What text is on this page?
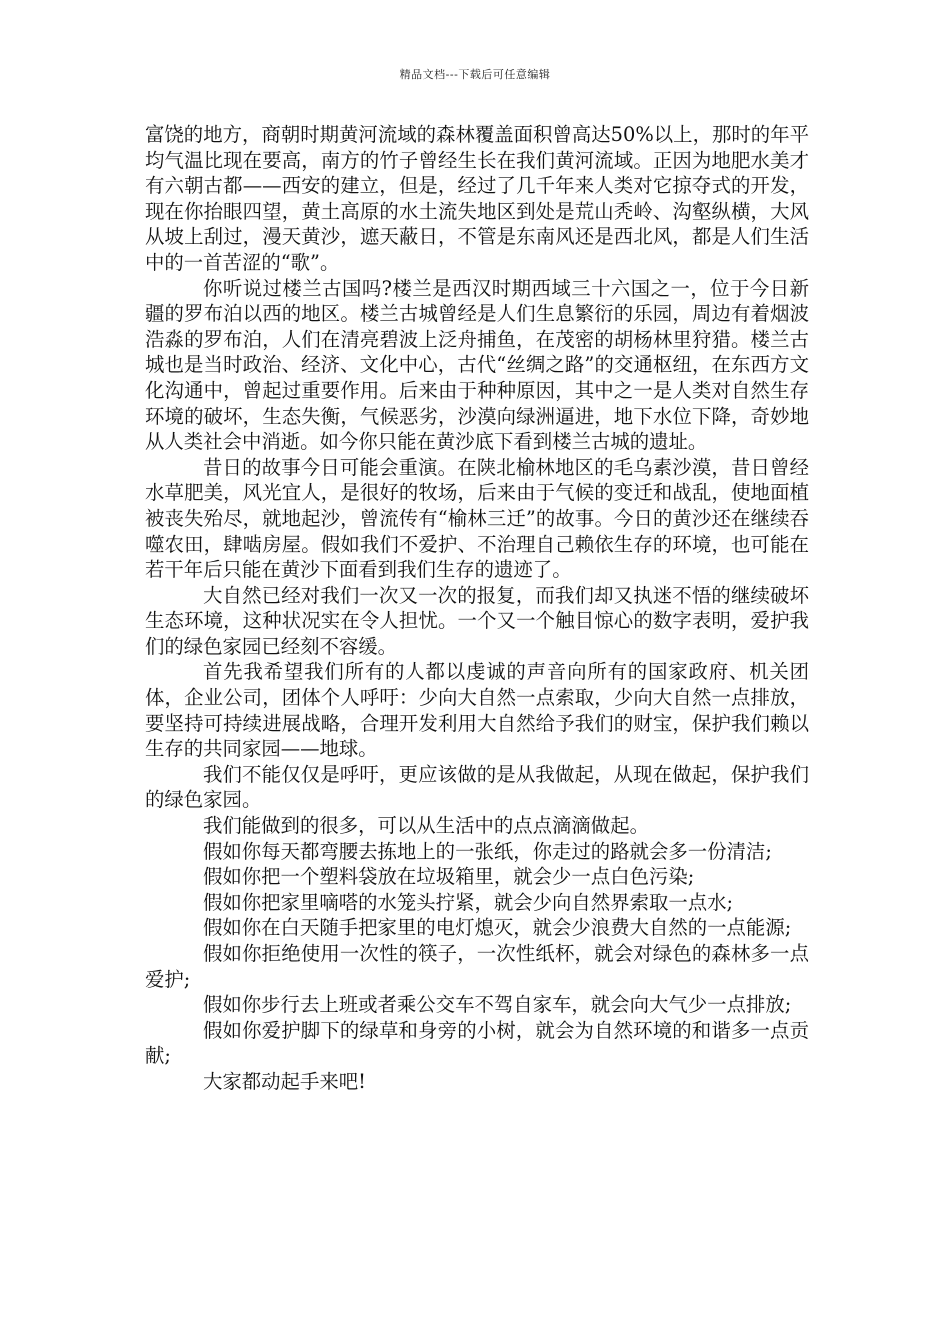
精品文档---下载后可任意编辑

富饶的地方，商朝时期黄河流域的森林覆盖面积曾高达50%以上，那时的年平均气温比现在要高，南方的竹子曾经生长在我们黄河流域。正因为地肥水美才有六朝古都——西安的建立，但是，经过了几千年来人类对它掠夺式的开发，现在你抬眼四望，黄土高原的水土流失地区到处是荒山秃岭、沟壑纵横，大风从坡上刮过，漫天黄沙，遮天蔽日，不管是东南风还是西北风，都是人们生活中的一首苦涩的“歌”。

你听说过楼兰古国吗?楼兰是西汉时期西域三十六国之一，位于今日新疆的罗布泊以西的地区。楼兰古城曾经是人们生息繁衍的乐园，周边有着烟波浩淼的罗布泊，人们在清亮碧波上泛舟捕鱼，在茂密的胡杨林里狩猎。楼兰古城也是当时政治、经济、文化中心，古代“丝绸之路”的交通枢纽，在东西方文化沟通中，曾起过重要作用。后来由于种种原因，其中之一是人类对自然生存环境的破坏，生态失衡，气候恶劣，沙漠向绿洲逼进，地下水位下降，奇妙地从人类社会中消逝。如今你只能在黄沙底下看到楼兰古城的遗址。

昔日的故事今日可能会重演。在陕北榆林地区的毛乌素沙漠，昔日曾经水草肥美，风光宜人，是很好的牧场，后来由于气候的变迁和战乱，使地面植被丧失殆尽，就地起沙，曾流传有“榆林三迁”的故事。今日的黄沙还在继续吞噬农田，肆啮房屋。假如我们不爱护、不治理自己赖依生存的环境，也可能在若干年后只能在黄沙下面看到我们生存的遗迹了。

大自然已经对我们一次又一次的报复，而我们却又执迷不悟的继续破坏生态环境，这种状况实在令人担忧。一个又一个触目惊心的数字表明，爱护我们的绿色家园已经刻不容缓。

首先我希望我们所有的人都以虔诚的声音向所有的国家政府、机关团体，企业公司，团体个人呼吁：少向大自然一点索取，少向大自然一点排放，要坚持可持续进展战略，合理开发利用大自然给予我们的财宝，保护我们赖以生存的共同家园——地球。

我们不能仅仅是呼吁，更应该做的是从我做起，从现在做起，保护我们的绿色家园。

我们能做到的很多，可以从生活中的点点滴滴做起。

假如你每天都弯腰去拣地上的一张纸，你走过的路就会多一份清洁;

假如你把一个塑料袋放在垃圾箱里，就会少一点白色污染;

假如你把家里嘀嗒的水笼头拧紧，就会少向自然界索取一点水;

假如你在白天随手把家里的电灯熄灭，就会少浪费大自然的一点能源;

假如你拒绝使用一次性的筷子，一次性纸杯，就会对绿色的森林多一点爱护;

假如你步行去上班或者乘公交车不驾自家车，就会向大气少一点排放;

假如你爱护脚下的绿草和身旁的小树，就会为自然环境的和谐多一点贡献;

大家都动起手来吧!
